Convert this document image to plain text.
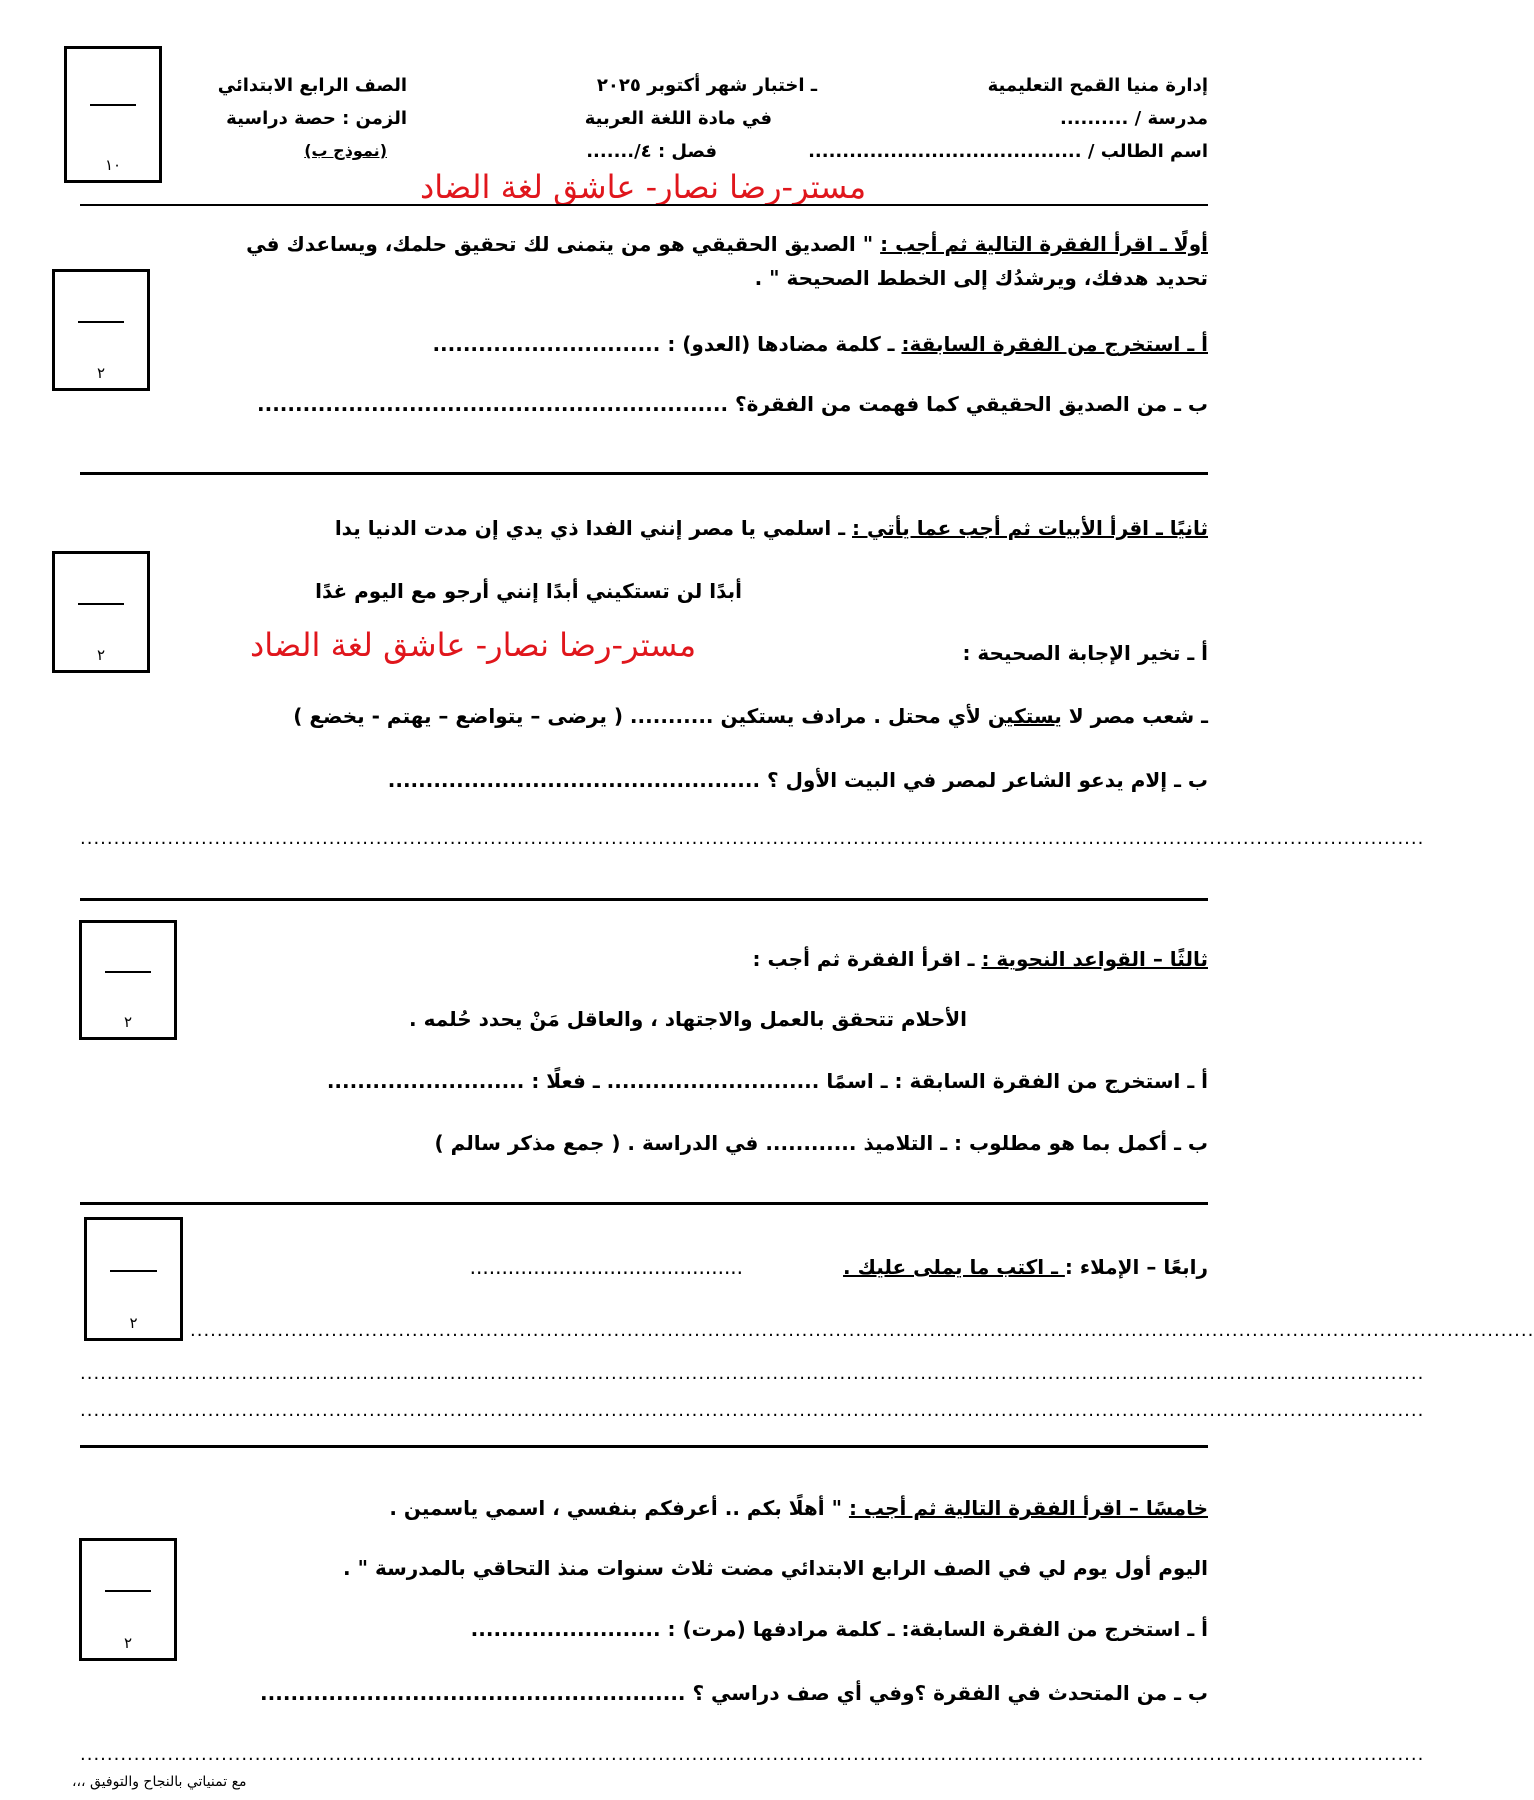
١٠
إدارة منيا القمح التعليمية
مدرسة / ..........
اسم الطالب / ........................................
ـ اختبار شهر أكتوبر ٢٠٢٥
في مادة اللغة العربية
فصل : ٤/.......
الصف الرابع الابتدائي
الزمن : حصة دراسية
(نموذج ب)
مستر-رضا نصار- عاشق لغة الضاد
٢
أولًا ـ اقرأ الفقرة التالية ثم أجب : " الصديق الحقيقي هو من يتمنى لك تحقيق حلمك، ويساعدك في
تحديد هدفك، ويرشدُك إلى الخطط الصحيحة " .
أ ـ استخرج من الفقرة السابقة: ـ كلمة مضادها (العدو) : ..............................
ب ـ من الصديق الحقيقي كما فهمت من الفقرة؟ ..............................................................
٢
ثانيًا ـ اقرأ الأبيات ثم أجب عما يأتي : ـ اسلمي يا مصر إنني الفدا ذي يدي إن مدت الدنيا يدا
أبدًا لن تستكيني أبدًا إنني أرجو مع اليوم غدًا
أ ـ تخير الإجابة الصحيحة :
مستر-رضا نصار- عاشق لغة الضاد
ـ شعب مصر لا يستكين لأي محتل . مرادف يستكين ........... ( يرضى – يتواضع – يهتم - يخضع )
ب ـ إلام يدعو الشاعر لمصر في البيت الأول ؟ .................................................
........................................................................................................................................................................................................
٢
ثالثًا – القواعد النحوية : ـ اقرأ الفقرة ثم أجب :
الأحلام تتحقق بالعمل والاجتهاد ، والعاقل مَنْ يحدد حُلمه .
أ ـ استخرج من الفقرة السابقة : ـ اسمًا ............................ ـ فعلًا : ..........................
ب ـ أكمل بما هو مطلوب : ـ التلاميذ ............ في الدراسة . ( جمع مذكر سالم )
٢
رابعًا – الإملاء : ـ اكتب ما يملى عليك ............................................
........................................................................................................................................................................................................
........................................................................................................................................................................................................
........................................................................................................................................................................................................
٢
خامسًا – اقرأ الفقرة التالية ثم أجب : " أهلًا بكم .. أعرفكم بنفسي ، اسمي ياسمين .
اليوم أول يوم لي في الصف الرابع الابتدائي مضت ثلاث سنوات منذ التحاقي بالمدرسة " .
أ ـ استخرج من الفقرة السابقة: ـ كلمة مرادفها (مرت) : .........................
ب ـ من المتحدث في الفقرة ؟وفي أي صف دراسي ؟ ........................................................
........................................................................................................................................................................................................
مع تمنياتي بالنجاح والتوفيق ،،،
